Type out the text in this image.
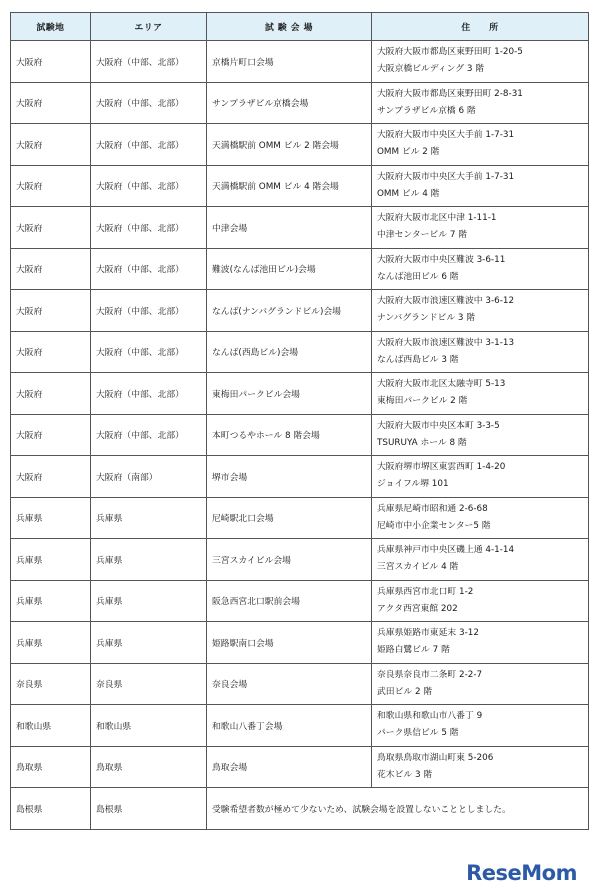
試験地	エリア	試 験 会 場	住　　所
大阪府	大阪府（中部、北部）	京橋片町口会場	大阪府大阪市都島区東野田町 1-20-5
大阪京橋ビルディング 3 階

大阪府	大阪府（中部、北部）	サンプラザビル京橋会場	大阪府大阪市都島区東野田町 2-8-31
サンプラザビル京橋 6 階

大阪府	大阪府（中部、北部）	天満橋駅前 OMM ビル 2 階会場	大阪府大阪市中央区大手前 1-7-31
OMM ビル 2 階

大阪府	大阪府（中部、北部）	天満橋駅前 OMM ビル 4 階会場	大阪府大阪市中央区大手前 1-7-31
OMM ビル 4 階

大阪府	大阪府（中部、北部）	中津会場	大阪府大阪市北区中津 1-11-1
中津センタービル 7 階

大阪府	大阪府（中部、北部）	難波(なんば池田ビル)会場	大阪府大阪市中央区難波 3-6-11
なんば池田ビル 6 階

大阪府	大阪府（中部、北部）	なんば(ナンバグランドビル)会場	大阪府大阪市浪速区難波中 3-6-12
ナンバグランドビル 3 階

大阪府	大阪府（中部、北部）	なんば(西島ビル)会場	大阪府大阪市浪速区難波中 3-1-13
なんば西島ビル 3 階

大阪府	大阪府（中部、北部）	東梅田パークビル会場	大阪府大阪市北区太融寺町 5-13
東梅田パークビル 2 階

大阪府	大阪府（中部、北部）	本町つるやホール 8 階会場	大阪府大阪市中央区本町 3-3-5
TSURUYA ホール 8 階

大阪府	大阪府（南部）	堺市会場	大阪府堺市堺区東雲西町 1-4-20
ジョイフル堺 101

兵庫県	兵庫県	尼崎駅北口会場	兵庫県尼崎市昭和通 2-6-68
尼崎市中小企業センター5 階

兵庫県	兵庫県	三宮スカイビル会場	兵庫県神戸市中央区磯上通 4-1-14
三宮スカイビル 4 階

兵庫県	兵庫県	阪急西宮北口駅前会場	兵庫県西宮市北口町 1-2
アクタ西宮東館 202

兵庫県	兵庫県	姫路駅南口会場	兵庫県姫路市東延末 3-12
姫路白鷺ビル 7 階

奈良県	奈良県	奈良会場	奈良県奈良市二条町 2-2-7
武田ビル 2 階

和歌山県	和歌山県	和歌山八番丁会場	和歌山県和歌山市八番丁 9
パーク県信ビル 5 階

鳥取県	鳥取県	鳥取会場	鳥取県鳥取市湖山町東 5-206
花木ビル 3 階

島根県	島根県	受験希望者数が極めて少ないため、試験会場を設置しないこととしました。	
ReseMom
